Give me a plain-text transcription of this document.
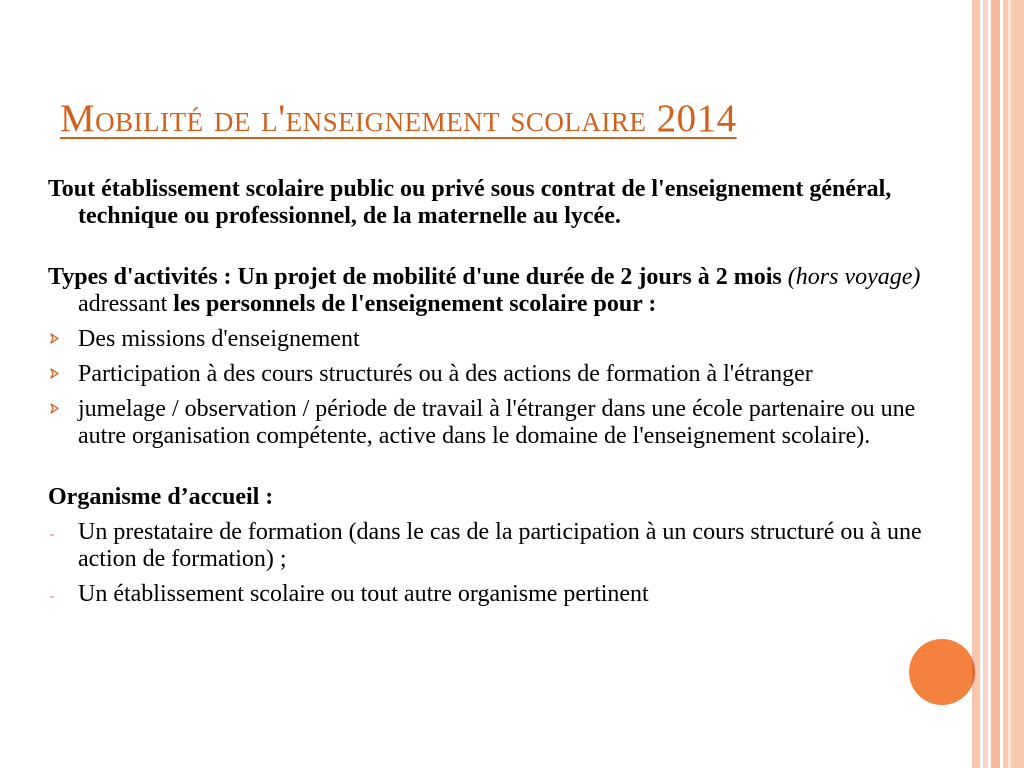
Mobilité de l'enseignement scolaire 2014

Tout établissement scolaire public ou privé sous contrat de l'enseignement général, technique ou professionnel, de la maternelle au lycée.

Types d'activités : Un projet de mobilité d'une durée de 2 jours à 2 mois (hors voyage) adressant les personnels de l'enseignement scolaire pour :

Des missions d'enseignement
Participation à des cours structurés ou à des actions de formation à l'étranger
jumelage / observation / période de travail à l'étranger dans une école partenaire ou une autre organisation compétente, active dans le domaine de l'enseignement scolaire).

Organisme d’accueil :

- Un prestataire de formation (dans le cas de la participation à un cours structuré ou à une action de formation) ;
- Un établissement scolaire ou tout autre organisme pertinent
